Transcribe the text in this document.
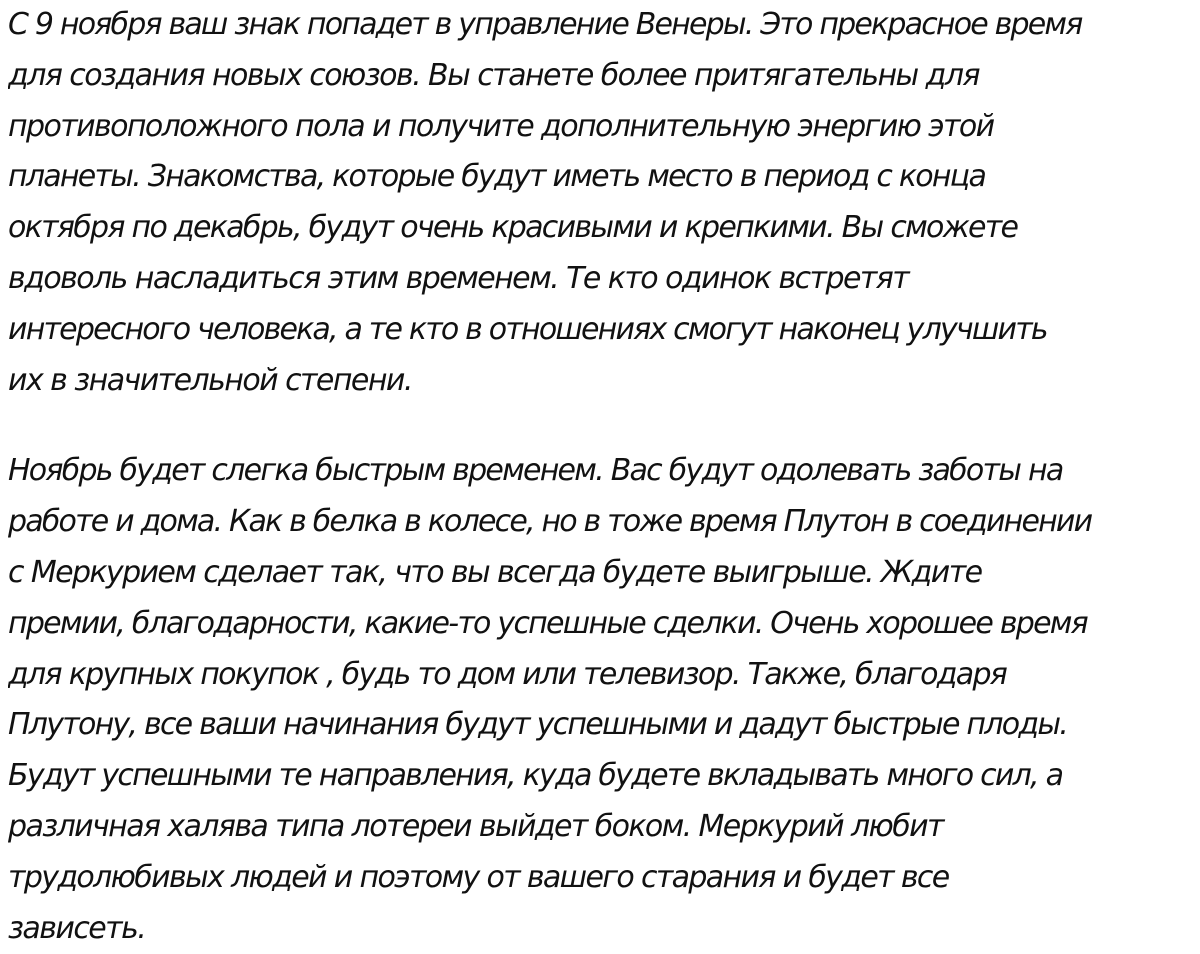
С 9 ноября ваш знак попадет в управление Венеры. Это прекрасное время
для создания новых союзов. Вы станете более притягательны для
противоположного пола и получите дополнительную энергию этой
планеты. Знакомства, которые будут иметь место в период с конца
октября по декабрь, будут очень красивыми и крепкими. Вы сможете
вдоволь насладиться этим временем. Те кто одинок встретят
интересного человека, а те кто в отношениях смогут наконец улучшить
их в значительной степени.
Ноябрь будет слегка быстрым временем. Вас будут одолевать заботы на
работе и дома. Как в белка в колесе, но в тоже время Плутон в соединении
с Меркурием сделает так, что вы всегда будете выигрыше. Ждите
премии, благодарности, какие-то успешные сделки. Очень хорошее время
для крупных покупок , будь то дом или телевизор. Также, благодаря
Плутону, все ваши начинания будут успешными и дадут быстрые плоды.
Будут успешными те направления, куда будете вкладывать много сил, а
различная халява типа лотереи выйдет боком. Меркурий любит
трудолюбивых людей и поэтому от вашего старания и будет все
зависеть.
